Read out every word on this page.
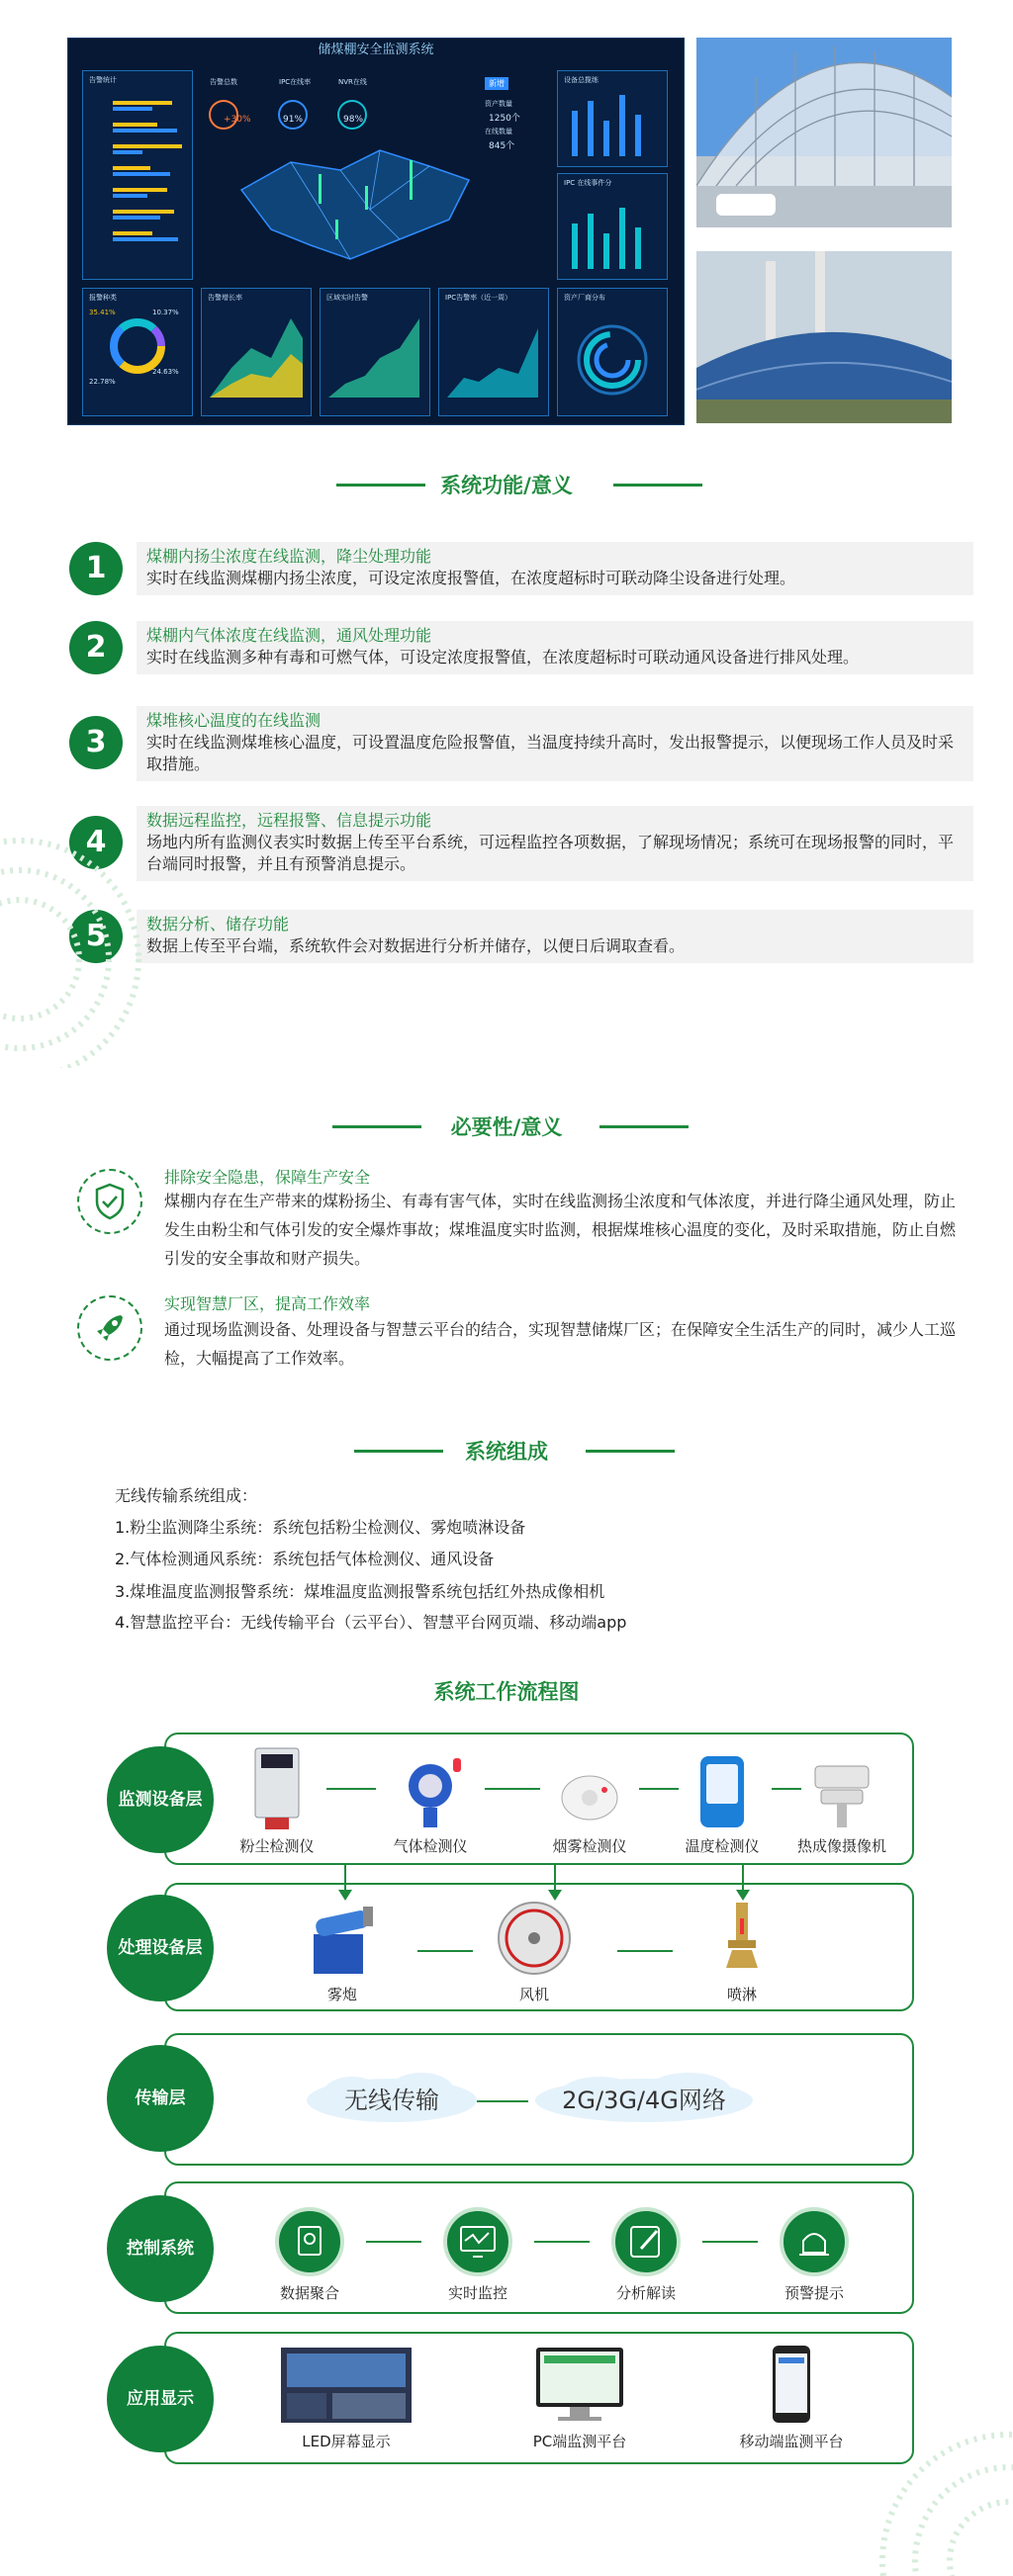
储煤棚安全监测系统
告警统计
报警种类
35.41%	10.37%
24.63%
22.78%
告警总数	IPC在线率	NVR在线
+30%	91%	98%
新增
资产数量
1250个
在线数量
845个
告警增长率	区域实时告警	IPC告警率（近一周）
设备总揽练
IPC 在线事件分
资产厂商分布
系统功能/意义
1	煤棚内扬尘浓度在线监测，降尘处理功能
实时在线监测煤棚内扬尘浓度，可设定浓度报警值，在浓度超标时可联动降尘设备进行处理。
2	煤棚内气体浓度在线监测，通风处理功能
实时在线监测多种有毒和可燃气体，可设定浓度报警值，在浓度超标时可联动通风设备进行排风处理。
3
煤堆核心温度的在线监测
实时在线监测煤堆核心温度，可设置温度危险报警值，当温度持续升高时，发出报警提示，以便现场工作人员及时采取措施。
4
数据远程监控，远程报警、信息提示功能
场地内所有监测仪表实时数据上传至平台系统，可远程监控各项数据，了解现场情况；系统可在现场报警的同时，平台端同时报警，并且有预警消息提示。
5	数据分析、储存功能
数据上传至平台端，系统软件会对数据进行分析并储存，以便日后调取查看。
必要性/意义
排除安全隐患，保障生产安全
煤棚内存在生产带来的煤粉扬尘、有毒有害气体，实时在线监测扬尘浓度和气体浓度，并进行降尘通风处理，防止发生由粉尘和气体引发的安全爆炸事故；煤堆温度实时监测，根据煤堆核心温度的变化，及时采取措施，防止自燃引发的安全事故和财产损失。
实现智慧厂区，提高工作效率
通过现场监测设备、处理设备与智慧云平台的结合，实现智慧储煤厂区；在保障安全生活生产的同时，减少人工巡检，大幅提高了工作效率。
系统组成
无线传输系统组成：
1.粉尘监测降尘系统：系统包括粉尘检测仪、雾炮喷淋设备
2.气体检测通风系统：系统包括气体检测仪、通风设备
3.煤堆温度监测报警系统：煤堆温度监测报警系统包括红外热成像相机
4.智慧监控平台：无线传输平台（云平台）、智慧平台网页端、移动端app
系统工作流程图
监测设备层
粉尘检测仪	气体检测仪	烟雾检测仪	温度检测仪	热成像摄像机
处理设备层
雾炮	风机	喷淋
传输层	无线传输	2G/3G/4G网络
控制系统
数据聚合	实时监控	分析解读	预警提示
应用显示
LED屏幕显示	PC端监测平台	移动端监测平台
